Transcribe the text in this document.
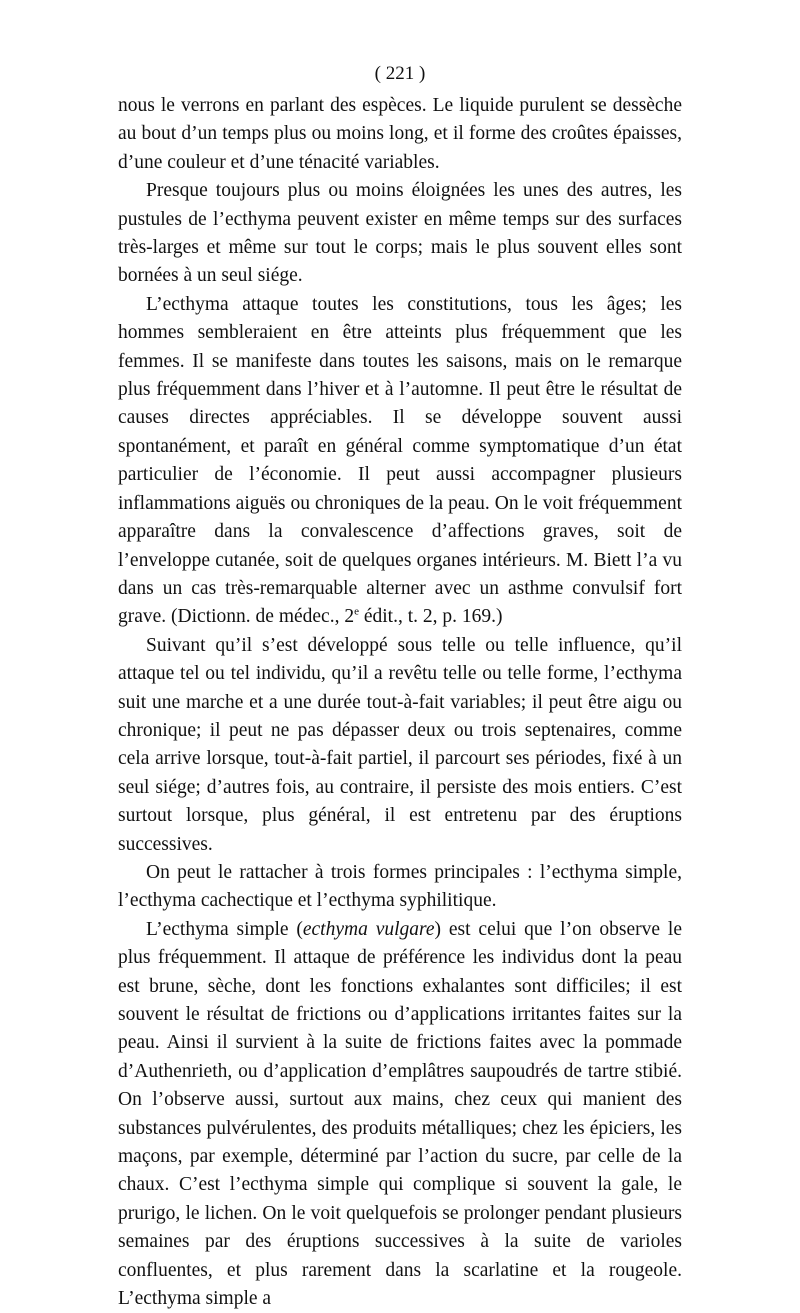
( 221 )

nous le verrons en parlant des espèces. Le liquide purulent se dessèche au bout d’un temps plus ou moins long, et il forme des croûtes épaisses, d’une couleur et d’une ténacité variables.

Presque toujours plus ou moins éloignées les unes des autres, les pustules de l’ecthyma peuvent exister en même temps sur des surfaces très-larges et même sur tout le corps; mais le plus souvent elles sont bornées à un seul siége.

L’ecthyma attaque toutes les constitutions, tous les âges; les hommes sembleraient en être atteints plus fréquemment que les femmes. Il se manifeste dans toutes les saisons, mais on le remarque plus fréquemment dans l’hiver et à l’automne. Il peut être le résultat de causes directes appréciables. Il se développe souvent aussi spontanément, et paraît en général comme symptomatique d’un état particulier de l’économie. Il peut aussi accompagner plusieurs inflammations aiguës ou chroniques de la peau. On le voit fréquemment apparaître dans la convalescence d’affections graves, soit de l’enveloppe cutanée, soit de quelques organes intérieurs. M. Biett l’a vu dans un cas très-remarquable alterner avec un asthme convulsif fort grave. (Dictionn. de médec., 2e édit., t. 2, p. 169.)

Suivant qu’il s’est développé sous telle ou telle influence, qu’il attaque tel ou tel individu, qu’il a revêtu telle ou telle forme, l’ecthyma suit une marche et a une durée tout-à-fait variables; il peut être aigu ou chronique; il peut ne pas dépasser deux ou trois septenaires, comme cela arrive lorsque, tout-à-fait partiel, il parcourt ses périodes, fixé à un seul siége; d’autres fois, au contraire, il persiste des mois entiers. C’est surtout lorsque, plus général, il est entretenu par des éruptions successives.

On peut le rattacher à trois formes principales : l’ecthyma simple, l’ecthyma cachectique et l’ecthyma syphilitique.

L’ecthyma simple (ecthyma vulgare) est celui que l’on observe le plus fréquemment. Il attaque de préférence les individus dont la peau est brune, sèche, dont les fonctions exhalantes sont difficiles; il est souvent le résultat de frictions ou d’applications irritantes faites sur la peau. Ainsi il survient à la suite de frictions faites avec la pommade d’Authenrieth, ou d’application d’emplâtres saupoudrés de tartre stibié. On l’observe aussi, surtout aux mains, chez ceux qui manient des substances pulvérulentes, des produits métalliques; chez les épiciers, les maçons, par exemple, déterminé par l’action du sucre, par celle de la chaux. C’est l’ecthyma simple qui complique si souvent la gale, le prurigo, le lichen. On le voit quelquefois se prolonger pendant plusieurs semaines par des éruptions successives à la suite de varioles confluentes, et plus rarement dans la scarlatine et la rougeole. L’ecthyma simple a
